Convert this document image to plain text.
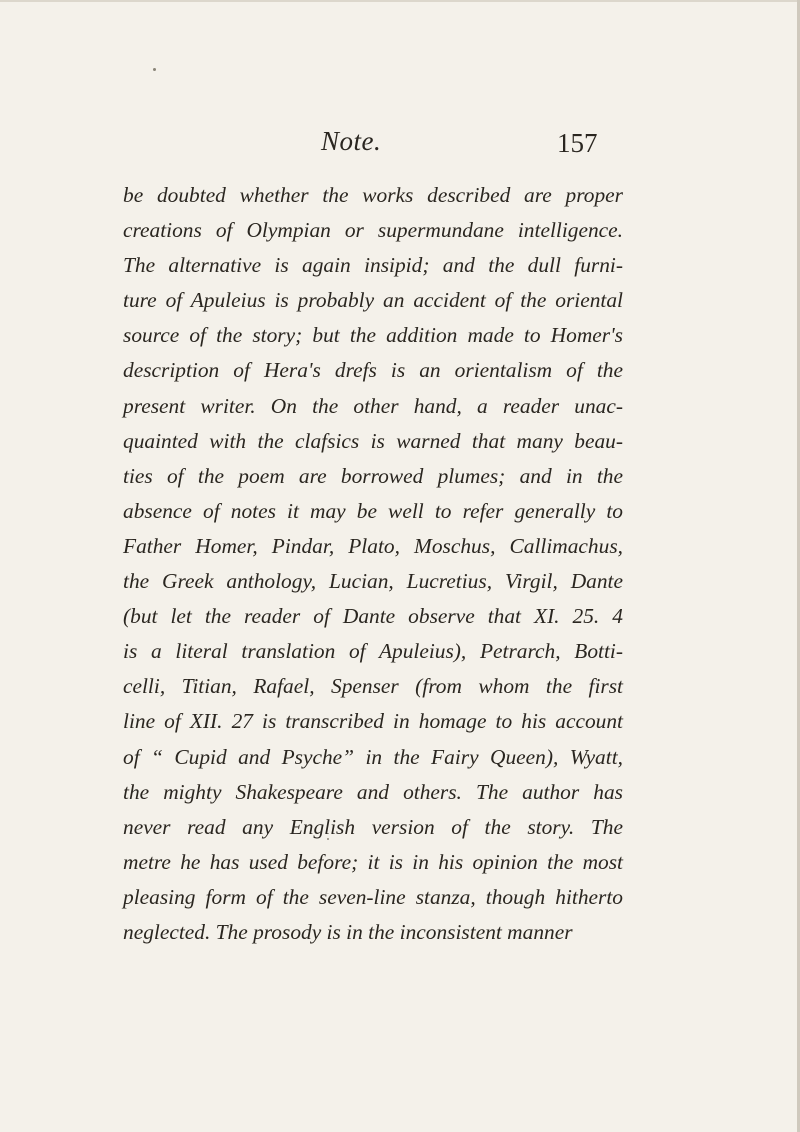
Note.	157
be doubted whether the works described are proper
creations of Olympian or supermundane intelligence.
The alternative is again insipid; and the dull furni-
ture of Apuleius is probably an accident of the oriental
source of the story; but the addition made to Homer's
description of Hera's drefs is an orientalism of the
present writer. On the other hand, a reader unac-
quainted with the clafsics is warned that many beau-
ties of the poem are borrowed plumes; and in the
absence of notes it may be well to refer generally to
Father Homer, Pindar, Plato, Moschus, Callimachus,
the Greek anthology, Lucian, Lucretius, Virgil, Dante
(but let the reader of Dante observe that XI. 25. 4
is a literal translation of Apuleius), Petrarch, Botti-
celli, Titian, Rafael, Spenser (from whom the first
line of XII. 27 is transcribed in homage to his account
of “ Cupid and Psyche” in the Fairy Queen), Wyatt,
the mighty Shakespeare and others. The author has
never read any English version of the story. The
metre he has used before; it is in his opinion the most
pleasing form of the seven-line stanza, though hitherto
neglected. The prosody is in the inconsistent manner
